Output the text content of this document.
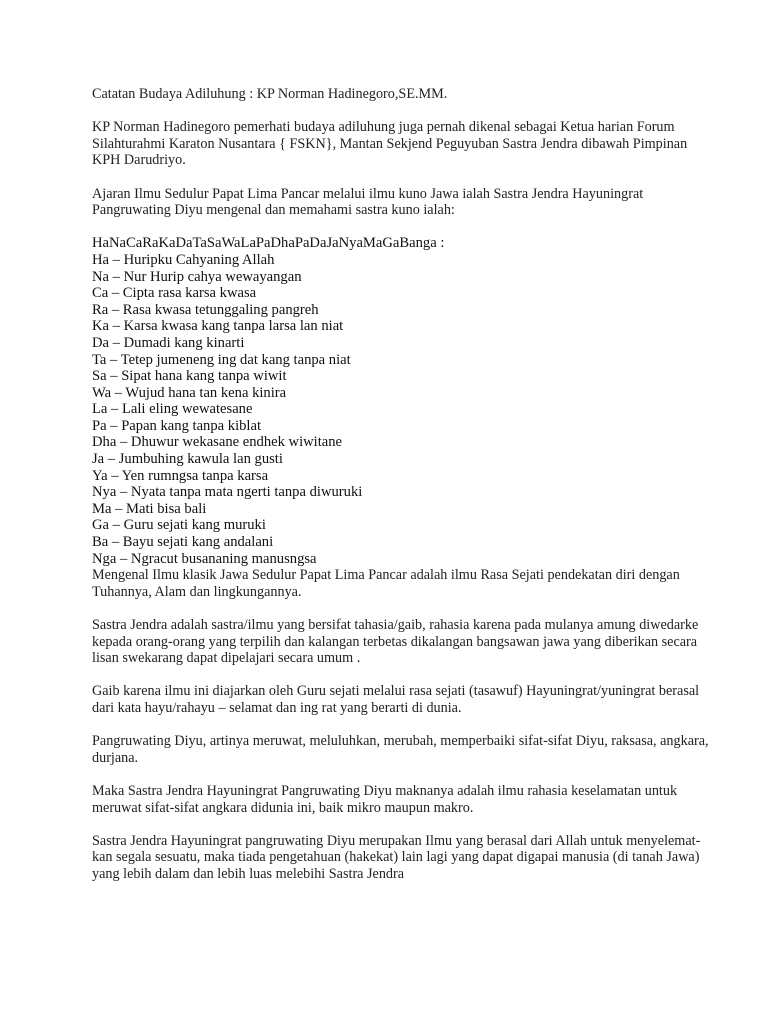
Catatan Budaya Adiluhung : KP Norman Hadinegoro,SE.MM.

KP Norman Hadinegoro pemerhati budaya adiluhung juga pernah dikenal sebagai Ketua harian Forum Silahturahmi Karaton Nusantara { FSKN}, Mantan Sekjend Peguyuban Sastra Jendra dibawah Pimpinan KPH Darudriyo.

Ajaran Ilmu Sedulur Papat Lima Pancar melalui ilmu kuno Jawa ialah Sastra Jendra Hayuningrat Pangruwating Diyu mengenal dan memahami sastra kuno ialah:

HaNaCaRaKaDaTaSaWaLaPaDhaPaDaJaNyaMaGaBanga :
Ha – Huripku Cahyaning Allah
Na – Nur Hurip cahya wewayangan
Ca – Cipta rasa karsa kwasa
Ra – Rasa kwasa tetunggaling pangreh
Ka – Karsa kwasa kang tanpa larsa lan niat
Da – Dumadi kang kinarti
Ta – Tetep jumeneng ing dat kang tanpa niat
Sa – Sipat hana kang tanpa wiwit
Wa – Wujud hana tan kena kinira
La – Lali eling wewatesane
Pa – Papan kang tanpa kiblat
Dha – Dhuwur wekasane endhek wiwitane
Ja – Jumbuhing kawula lan gusti
Ya – Yen rumngsa tanpa karsa
Nya – Nyata tanpa mata ngerti tanpa diwuruki
Ma – Mati bisa bali
Ga – Guru sejati kang muruki
Ba – Bayu sejati kang andalani
Nga – Ngracut busananing manusngsa

Mengenal Ilmu klasik Jawa Sedulur Papat Lima Pancar adalah ilmu Rasa Sejati pendekatan diri dengan Tuhannya, Alam dan lingkungannya.

Sastra Jendra adalah sastra/ilmu yang bersifat tahasia/gaib, rahasia karena pada mulanya amung diwedarke kepada orang-orang yang terpilih dan kalangan terbetas dikalangan bangsawan jawa yang diberikan secara lisan swekarang dapat dipelajari secara umum .

Gaib karena ilmu ini diajarkan oleh Guru sejati melalui rasa sejati (tasawuf) Hayuningrat/yuningrat berasal dari kata hayu/rahayu – selamat dan ing rat yang berarti di dunia.

Pangruwating Diyu, artinya meruwat, meluluhkan, merubah, memperbaiki sifat-sifat Diyu, raksasa, angkara, durjana.

Maka Sastra Jendra Hayuningrat Pangruwating Diyu maknanya adalah ilmu rahasia keselamatan untuk meruwat sifat-sifat angkara didunia ini, baik mikro maupun makro.

Sastra Jendra Hayuningrat pangruwating Diyu merupakan Ilmu yang berasal dari Allah untuk menyelemat-kan segala sesuatu, maka tiada pengetahuan (hakekat) lain lagi yang dapat digapai manusia (di tanah Jawa) yang lebih dalam dan lebih luas melebihi Sastra Jendra
